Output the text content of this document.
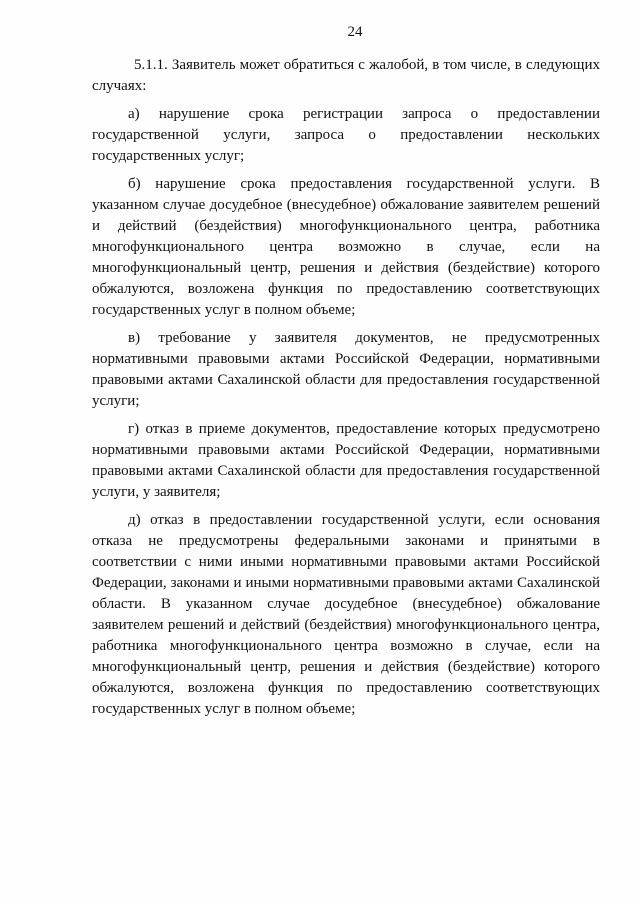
24

5.1.1. Заявитель может обратиться с жалобой, в том числе, в следующих случаях:

а) нарушение срока регистрации запроса о предоставлении государственной услуги, запроса о предоставлении нескольких государственных услуг;

б) нарушение срока предоставления государственной услуги. В указанном случае досудебное (внесудебное) обжалование заявителем решений и действий (бездействия) многофункционального центра, работника многофункционального центра возможно в случае, если на многофункциональный центр, решения и действия (бездействие) которого обжалуются, возложена функция по предоставлению соответствующих государственных услуг в полном объеме;

в) требование у заявителя документов, не предусмотренных нормативными правовыми актами Российской Федерации, нормативными правовыми актами Сахалинской области для предоставления государственной услуги;

г) отказ в приеме документов, предоставление которых предусмотрено нормативными правовыми актами Российской Федерации, нормативными правовыми актами Сахалинской области для предоставления государственной услуги, у заявителя;

д) отказ в предоставлении государственной услуги, если основания отказа не предусмотрены федеральными законами и принятыми в соответствии с ними иными нормативными правовыми актами Российской Федерации, законами и иными нормативными правовыми актами Сахалинской области. В указанном случае досудебное (внесудебное) обжалование заявителем решений и действий (бездействия) многофункционального центра, работника многофункционального центра возможно в случае, если на многофункциональный центр, решения и действия (бездействие) которого обжалуются, возложена функция по предоставлению соответствующих государственных услуг в полном объеме;
